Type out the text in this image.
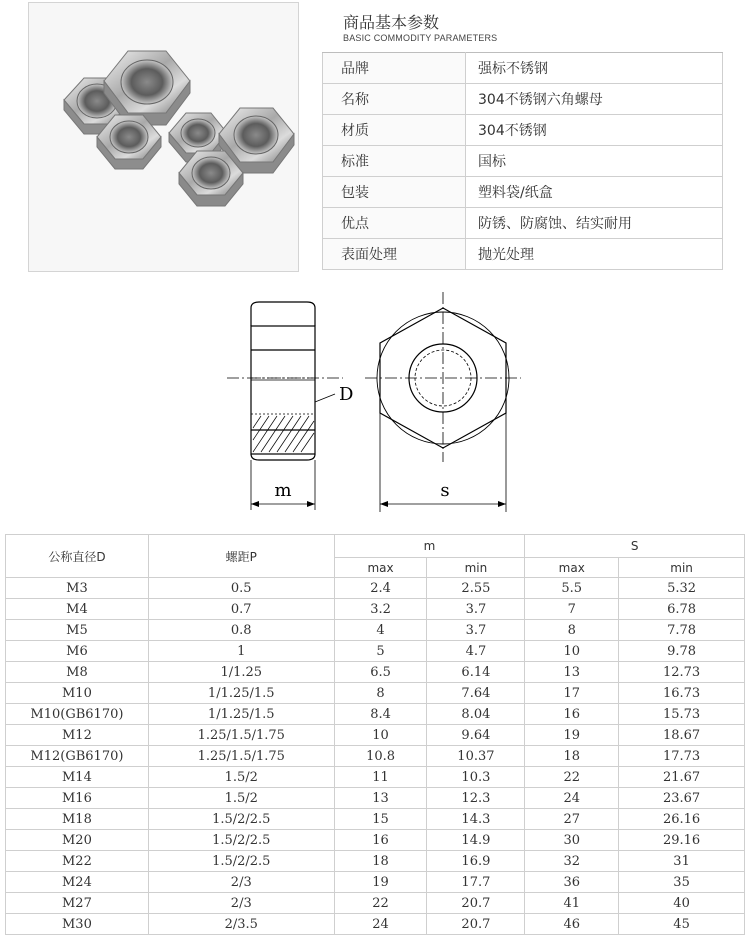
商品基本参数
BASIC COMMODITY PARAMETERS
品牌	强标不锈钢
名称	304不锈钢六角螺母
材质	304不锈钢
标准	国标
包装	塑料袋/纸盒
优点	防锈、防腐蚀、结实耐用
表面处理	抛光处理
D
m	s
公称直径D	螺距P	m		S	
		max	min	max	min
M3	0.5	2.4	2.55	5.5	5.32
M4	0.7	3.2	3.7	7	6.78
M5	0.8	4	3.7	8	7.78
M6	1	5	4.7	10	9.78
M8	1/1.25	6.5	6.14	13	12.73
M10	1/1.25/1.5	8	7.64	17	16.73
M10(GB6170)	1/1.25/1.5	8.4	8.04	16	15.73
M12	1.25/1.5/1.75	10	9.64	19	18.67
M12(GB6170)	1.25/1.5/1.75	10.8	10.37	18	17.73
M14	1.5/2	11	10.3	22	21.67
M16	1.5/2	13	12.3	24	23.67
M18	1.5/2/2.5	15	14.3	27	26.16
M20	1.5/2/2.5	16	14.9	30	29.16
M22	1.5/2/2.5	18	16.9	32	31
M24	2/3	19	17.7	36	35
M27	2/3	22	20.7	41	40
M30	2/3.5	24	20.7	46	45
